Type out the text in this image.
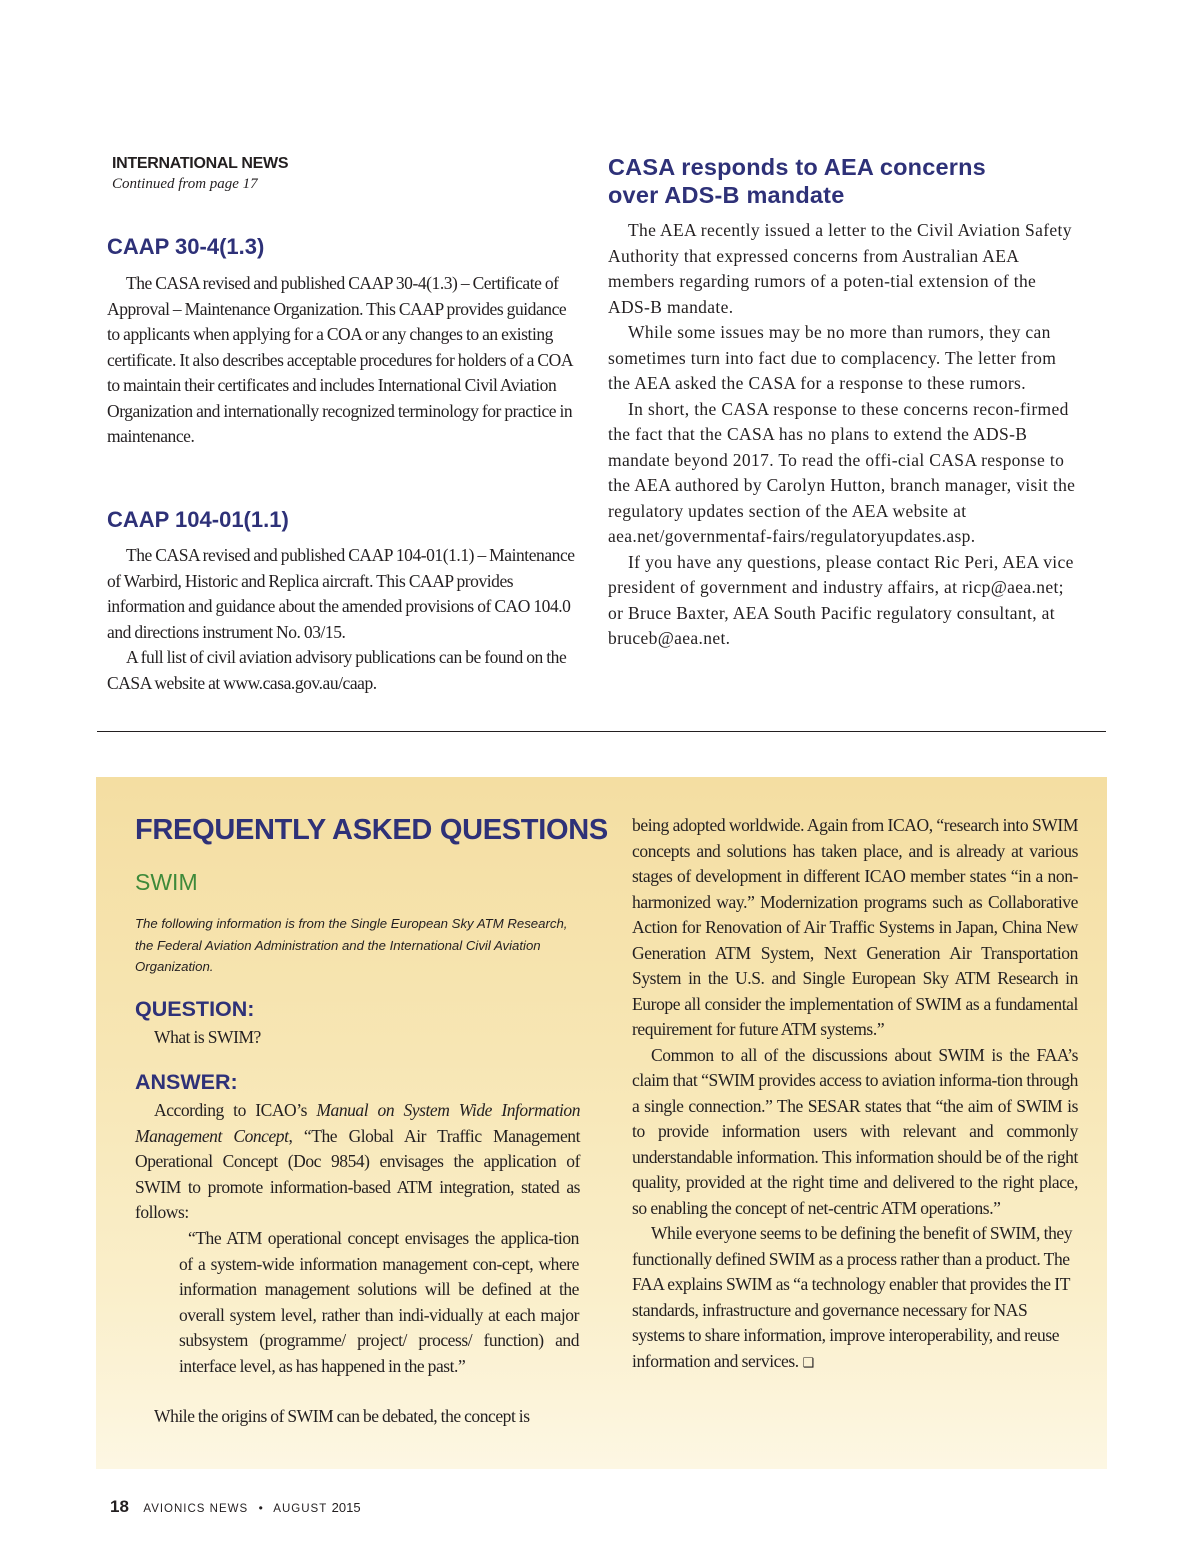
INTERNATIONAL NEWS
Continued from page 17
CAAP 30-4(1.3)

The CASA revised and published CAAP 30-4(1.3) – Certificate of Approval – Maintenance Organization. This CAAP provides guidance to applicants when applying for a COA or any changes to an existing certificate. It also describes acceptable procedures for holders of a COA to maintain their certificates and includes International Civil Aviation Organization and internationally recognized terminology for practice in maintenance.

CAAP 104-01(1.1)

The CASA revised and published CAAP 104-01(1.1) – Maintenance of Warbird, Historic and Replica aircraft. This CAAP provides information and guidance about the amended provisions of CAO 104.0 and directions instrument No. 03/15.

A full list of civil aviation advisory publications can be found on the CASA website at www.casa.gov.au/caap.

CASA responds to AEA concerns
over ADS-B mandate

The AEA recently issued a letter to the Civil Aviation Safety Authority that expressed concerns from Australian AEA members regarding rumors of a poten-tial extension of the ADS-B mandate.

While some issues may be no more than rumors, they can sometimes turn into fact due to complacency. The letter from the AEA asked the CASA for a response to these rumors.

In short, the CASA response to these concerns recon-firmed the fact that the CASA has no plans to extend the ADS-B mandate beyond 2017. To read the offi-cial CASA response to the AEA authored by Carolyn Hutton, branch manager, visit the regulatory updates section of the AEA website at aea.net/governmentaf-fairs/regulatoryupdates.asp.

If you have any questions, please contact Ric Peri, AEA vice president of government and industry affairs, at ricp@aea.net; or Bruce Baxter, AEA South Pacific regulatory consultant, at bruceb@aea.net.

FREQUENTLY ASKED QUESTIONS
SWIM
The following information is from the Single European Sky ATM Research, the Federal Aviation Administration and the International Civil Aviation Organization.
QUESTION:

What is SWIM?

ANSWER:

According to ICAO’s Manual on System Wide Information Management Concept, “The Global Air Traffic Management Operational Concept (Doc 9854) envisages the application of SWIM to promote information-based ATM integration, stated as follows:

“The ATM operational concept envisages the applica-tion of a system-wide information management con-cept, where information management solutions will be defined at the overall system level, rather than indi-vidually at each major subsystem (programme/ project/ process/ function) and interface level, as has happened in the past.”

While the origins of SWIM can be debated, the concept is

being adopted worldwide. Again from ICAO, “research into SWIM concepts and solutions has taken place, and is already at various stages of development in different ICAO member states “in a non-harmonized way.” Modernization programs such as Collaborative Action for Renovation of Air Traffic Systems in Japan, China New Generation ATM System, Next Generation Air Transportation System in the U.S. and Single European Sky ATM Research in Europe all consider the implementation of SWIM as a fundamental requirement for future ATM systems.”

Common to all of the discussions about SWIM is the FAA’s claim that “SWIM provides access to aviation informa-tion through a single connection.” The SESAR states that “the aim of SWIM is to provide information users with relevant and commonly understandable information. This information should be of the right quality, provided at the right time and delivered to the right place, so enabling the concept of net-centric ATM operations.”

While everyone seems to be defining the benefit of SWIM, they functionally defined SWIM as a process rather than a product. The FAA explains SWIM as “a technology enabler that provides the IT standards, infrastructure and governance necessary for NAS systems to share information, improve interoperability, and reuse information and services. ❑

18 AVIONICS NEWS • AUGUST 2015
